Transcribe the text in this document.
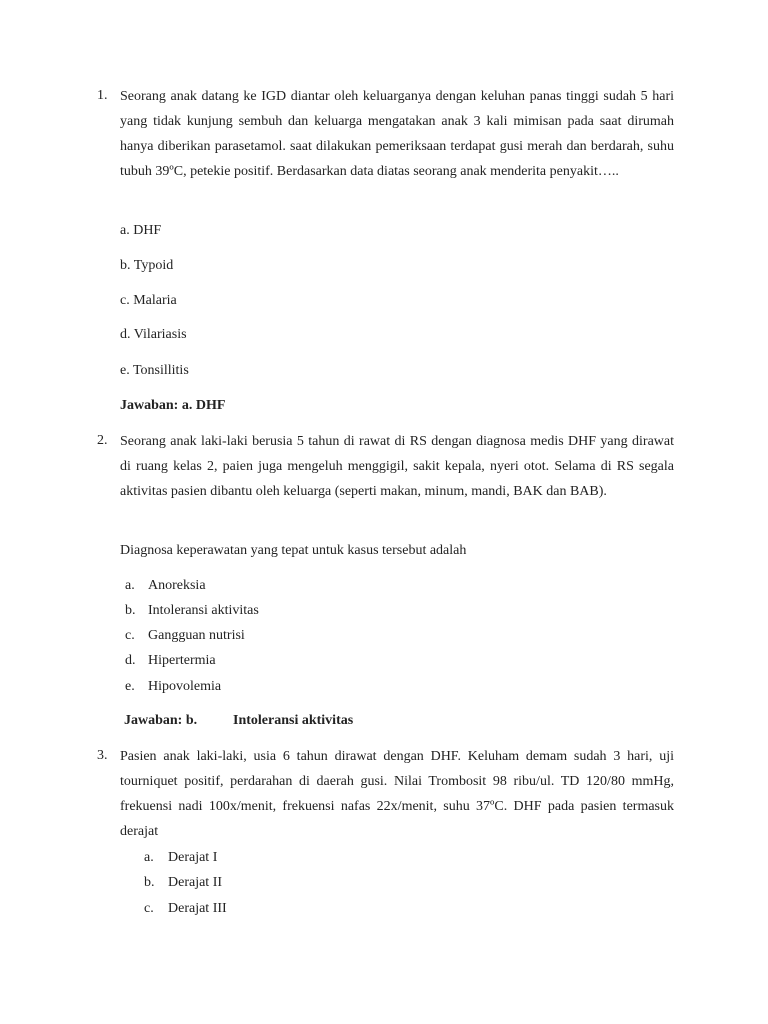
1. Seorang anak datang ke IGD diantar oleh keluarganya dengan keluhan panas tinggi sudah 5 hari yang tidak kunjung sembuh dan keluarga mengatakan anak 3 kali mimisan pada saat dirumah hanya diberikan parasetamol. saat dilakukan pemeriksaan terdapat gusi merah dan berdarah, suhu tubuh 39ºC, petekie positif. Berdasarkan data diatas seorang anak menderita penyakit…..
a. DHF
b. Typoid
c. Malaria
d. Vilariasis
e. Tonsillitis
Jawaban: a. DHF
2. Seorang anak laki-laki berusia 5 tahun di rawat di RS dengan diagnosa medis DHF yang dirawat di ruang kelas 2, paien juga mengeluh menggigil, sakit kepala, nyeri otot. Selama di RS segala aktivitas pasien dibantu oleh keluarga (seperti makan, minum, mandi, BAK dan BAB).
Diagnosa keperawatan yang tepat untuk kasus tersebut adalah
a. Anoreksia
b. Intoleransi aktivitas
c. Gangguan nutrisi
d. Hipertermia
e. Hipovolemia
Jawaban: b.	Intoleransi aktivitas
3. Pasien anak laki-laki, usia 6 tahun dirawat dengan DHF. Keluham demam sudah 3 hari, uji tourniquet positif, perdarahan di daerah gusi. Nilai Trombosit 98 ribu/ul. TD 120/80 mmHg, frekuensi nadi 100x/menit, frekuensi nafas 22x/menit, suhu 37ºC. DHF pada pasien termasuk derajat
a. Derajat I
b. Derajat II
c. Derajat III
